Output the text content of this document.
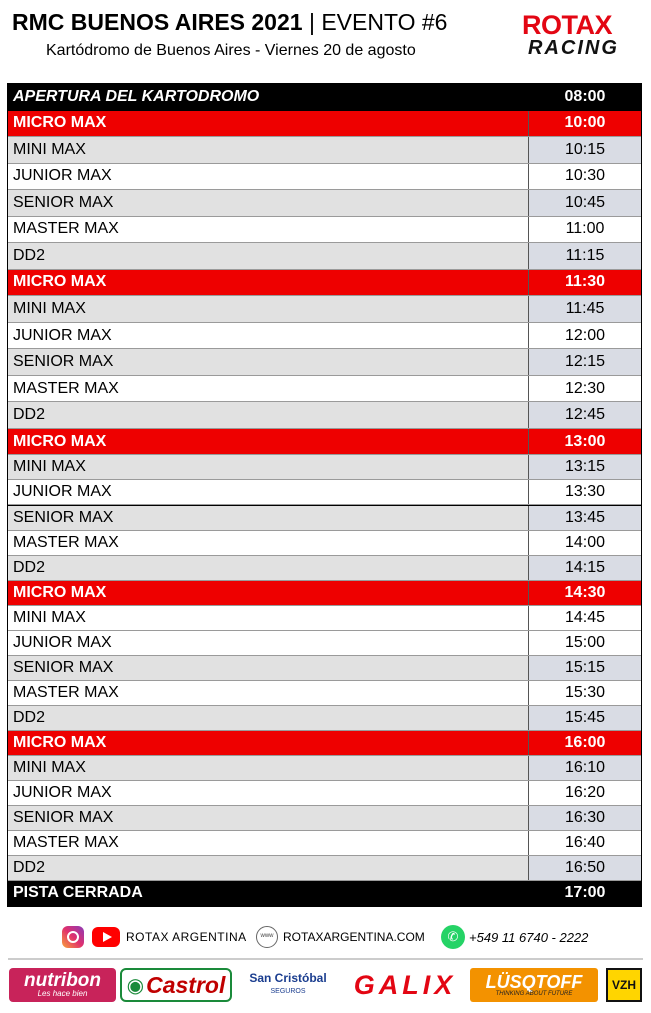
RMC BUENOS AIRES 2021 | EVENTO #6
Kartódromo de Buenos Aires - Viernes 20 de agosto
ROTAX
RACING
APERTURA DEL KARTODROMO	08:00
MICRO MAX	10:00
MINI MAX	10:15
JUNIOR MAX	10:30
SENIOR MAX	10:45
MASTER MAX	11:00
DD2	11:15
MICRO MAX	11:30
MINI MAX	11:45
JUNIOR MAX	12:00
SENIOR MAX	12:15
MASTER MAX	12:30
DD2	12:45
MICRO MAX	13:00
MINI MAX	13:15
JUNIOR MAX	13:30
SENIOR MAX	13:45
MASTER MAX	14:00
DD2	14:15
MICRO MAX	14:30
MINI MAX	14:45
JUNIOR MAX	15:00
SENIOR MAX	15:15
MASTER MAX	15:30
DD2	15:45
MICRO MAX	16:00
MINI MAX	16:10
JUNIOR MAX	16:20
SENIOR MAX	16:30
MASTER MAX	16:40
DD2	16:50
PISTA CERRADA	17:00
ROTAX ARGENTINA	www ROTAXARGENTINA.COM	✆ +549 11 6740 - 2222
nutribon
Les hace bien ◉ Castrol San Cristóbal
SEGUROS GALIX LÜSQTOFF
THINKING ABOUT FUTURE
VZH
